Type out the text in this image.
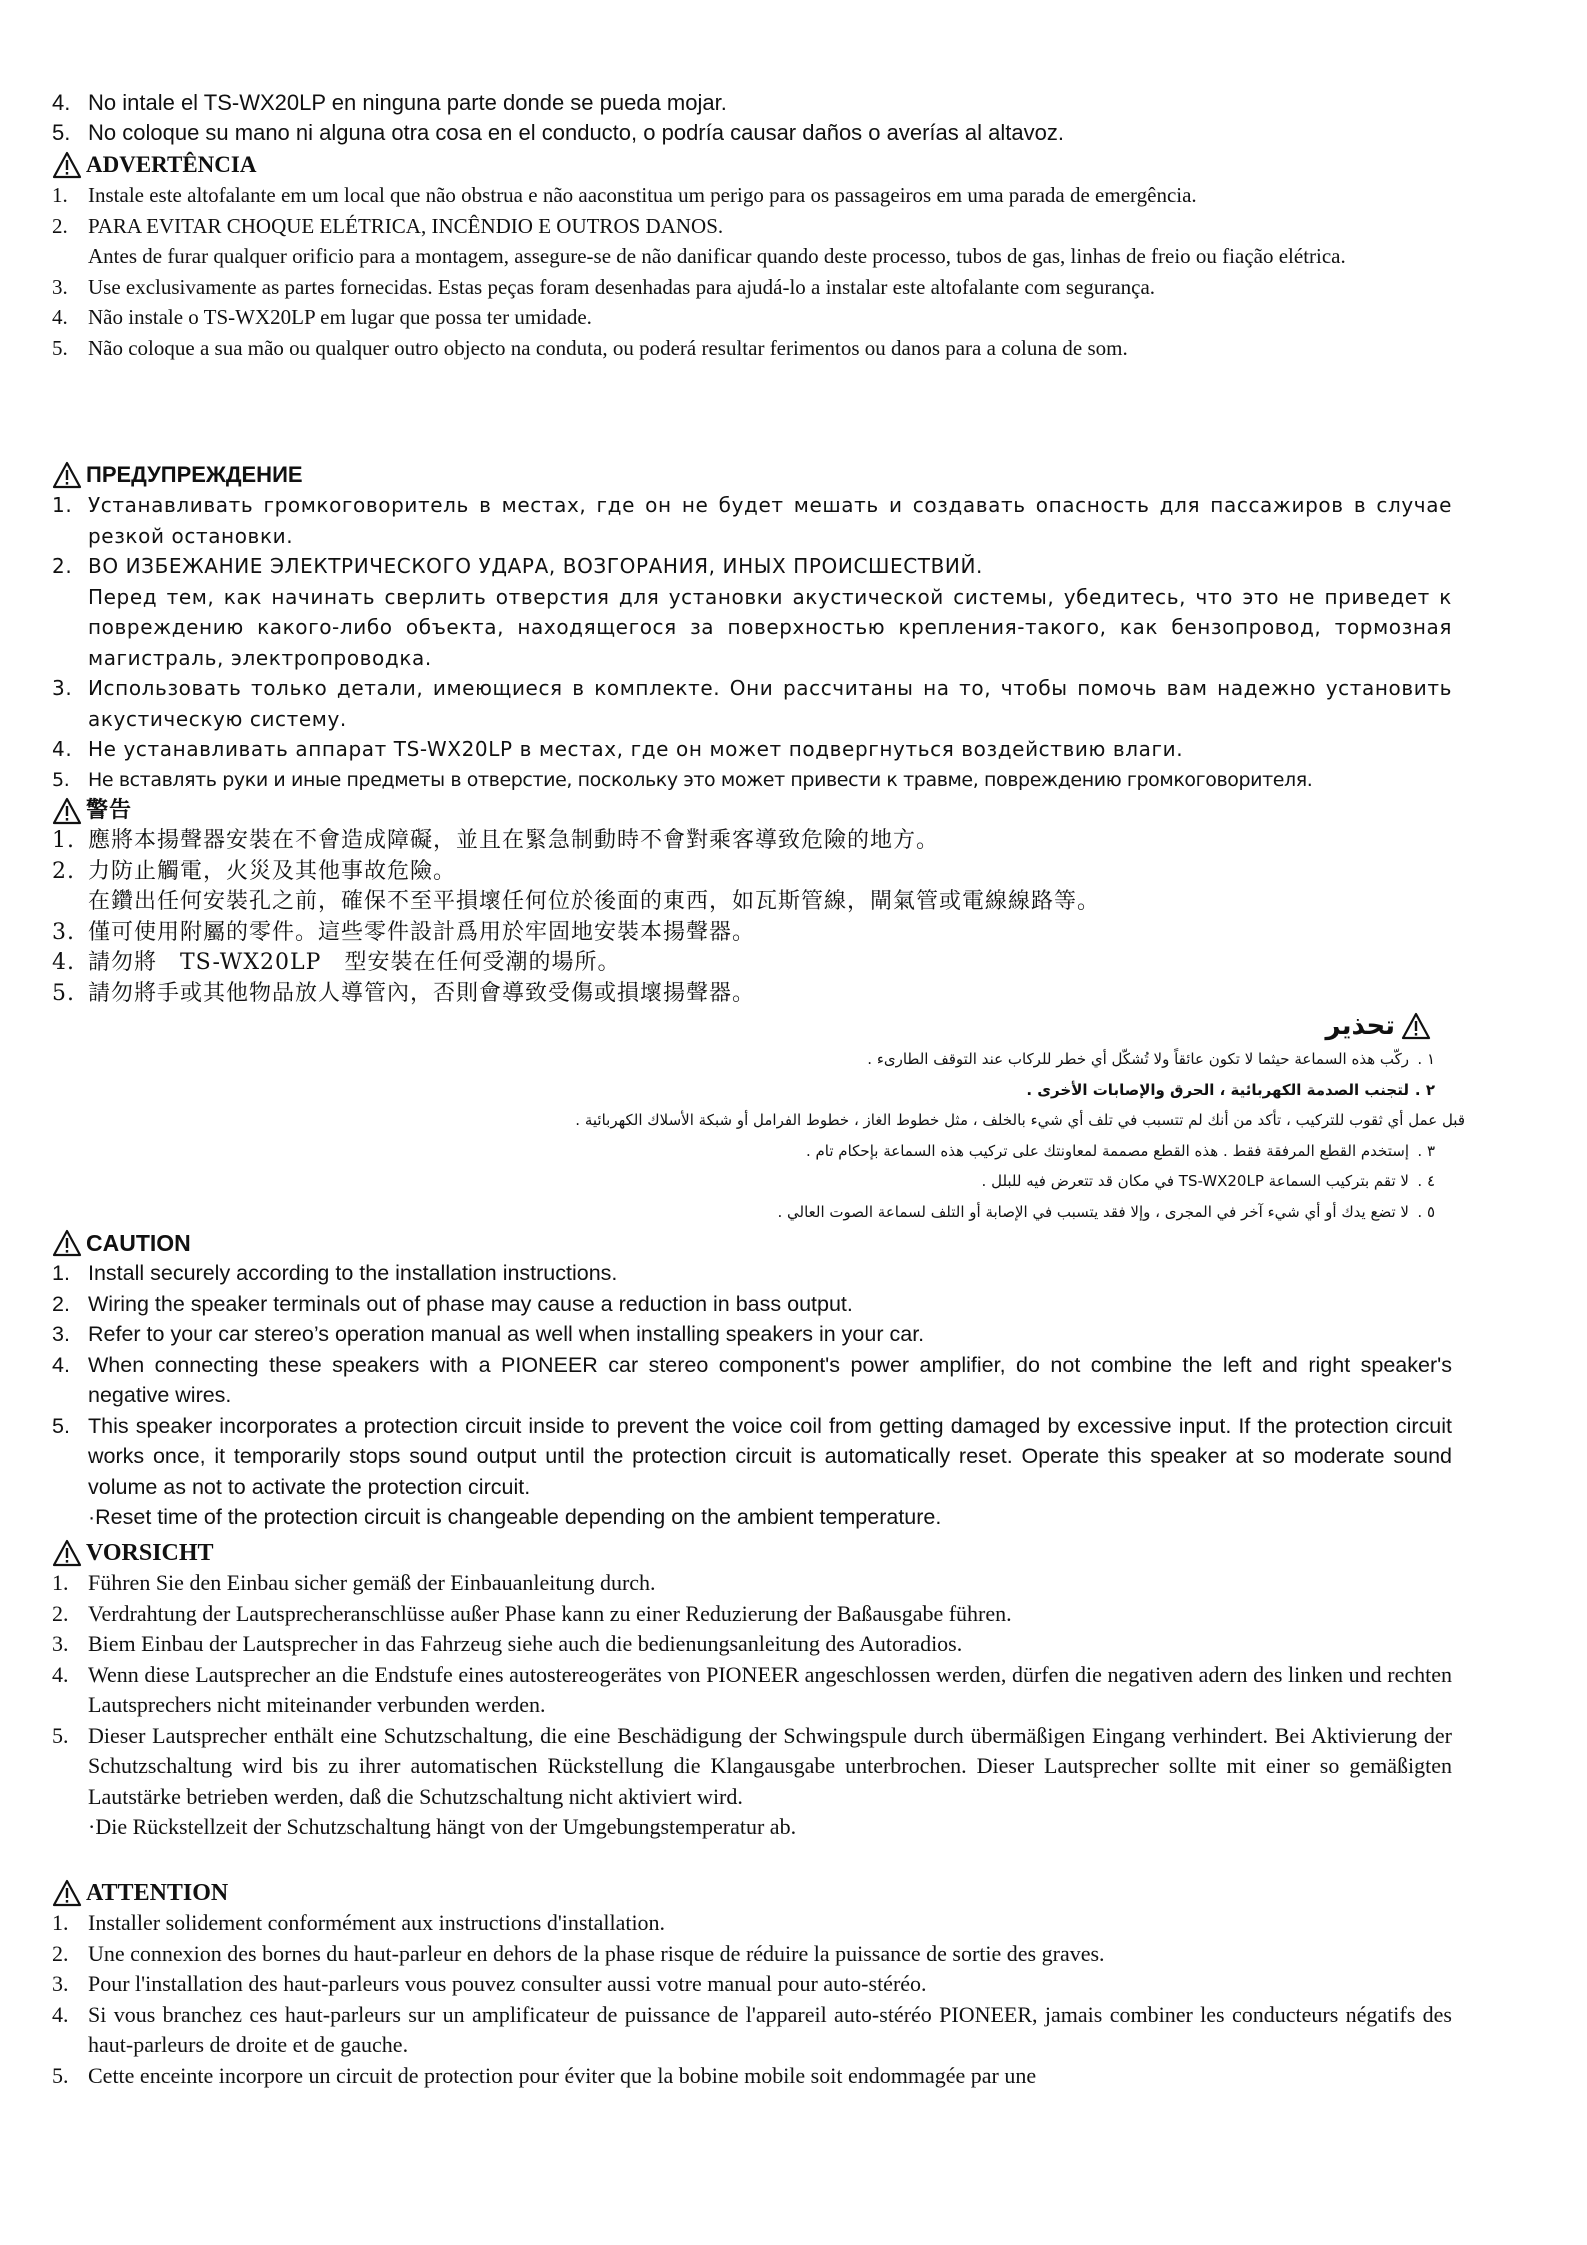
4. No intale el TS-WX20LP en ninguna parte donde se pueda mojar.
5. No coloque su mano ni alguna otra cosa en el conducto, o podría causar daños o averías al altavoz.
ADVERTÊNCIA
1. Instale este altofalante em um local que não obstrua e não aaconstitua um perigo para os passageiros em uma parada de emergência.
2. PARA EVITAR CHOQUE ELÉTRICA, INCÊNDIO E OUTROS DANOS.
Antes de furar qualquer orificio para a montagem, assegure-se de não danificar quando deste processo, tubos de gas, linhas de freio ou fiação elétrica.
3. Use exclusivamente as partes fornecidas. Estas peças foram desenhadas para ajudá-lo a instalar este altofalante com segurança.
4. Não instale o TS-WX20LP em lugar que possa ter umidade.
5. Não coloque a sua mão ou qualquer outro objecto na conduta, ou poderá resultar ferimentos ou danos para a coluna de som.
ПРЕДУПРЕЖДЕНИЕ
1. Устанавливать громкоговоритель в местах, где он не будет мешать и создавать опасность для пассажиров в случае резкой остановки.
2. ВО ИЗБЕЖАНИЕ ЭЛЕКТРИЧЕСКОГО УДАРА, ВОЗГОРАНИЯ, ИНЫХ ПРОИСШЕСТВИЙ.
Перед тем, как начинать сверлить отверстия для установки акустической системы, убедитесь, что это не приведет к повреждению какого-либо объекта, находящегося за поверхностью крепления-такого, как бензопровод, тормозная магистраль, электропроводка.
3. Использовать только детали, имеющиеся в комплекте. Они рассчитаны на то, чтобы помочь вам надежно установить акустическую систему.
4. Не устанавливать аппарат TS-WX20LP в местах, где он может подвергнуться воздействию влаги.
5. Не вставлять руки и иные предметы в отверстие, поскольку это может привести к травме, повреждению громкоговорителя.
警告
1. 應將本揚聲器安裝在不會造成障礙，並且在緊急制動時不會對乘客導致危險的地方。
2. 力防止觸電，火災及其他事故危險。
在鑽出任何安裝孔之前，確保不至平損壞任何位於後面的東西，如瓦斯管線，閘氣管或電線線路等。
3. 僅可使用附屬的零件。這些零件設計爲用於牢固地安裝本揚聲器。
4. 請勿將　TS-WX20LP　型安裝在任何受潮的場所。
5. 請勿將手或其他物品放人導管內，否則會導致受傷或損壞揚聲器。
تحذير
١ .
ركّب هذه السماعة حيثما لا تكون عائقاً ولا تُشكّل أي خطر للركاب عند التوقف الطارىء .
٢ .
لتجنب الصدمة الكهربائية ، الحرق والإصابات الأخرى .
قبل عمل أي ثقوب للتركيب ، تأكد من أنك لم تتسبب في تلف أي شيء بالخلف ، مثل خطوط الغاز ، خطوط الفرامل أو شبكة الأسلاك الكهربائية .
٣ .
إستخدم القطع المرفقة فقط . هذه القطع مصممة لمعاونتك على تركيب هذه السماعة بإحكام تام .
٤ .
لا تقم بتركيب السماعة TS-WX20LP في مكان قد تتعرض فيه للبلل .
٥ .
لا تضع يدك أو أي شيء آخر في المجرى ، وإلا فقد يتسبب في الإصابة أو التلف لسماعة الصوت العالي .
CAUTION
1. Install securely according to the installation instructions.
2. Wiring the speaker terminals out of phase may cause a reduction in bass output.
3. Refer to your car stereo’s operation manual as well when installing speakers in your car.
4. When connecting these speakers with a PIONEER car stereo component's power amplifier, do not combine the left and right speaker's negative wires.
5. This speaker incorporates a protection circuit inside to prevent the voice coil from getting damaged by excessive input. If the protection circuit works once, it temporarily stops sound output until the protection circuit is automatically reset. Operate this speaker at so moderate sound volume as not to activate the protection circuit.
·Reset time of the protection circuit is changeable depending on the ambient temperature.
VORSICHT
1. Führen Sie den Einbau sicher gemäß der Einbauanleitung durch.
2. Verdrahtung der Lautsprecheranschlüsse außer Phase kann zu einer Reduzierung der Baßausgabe führen.
3. Biem Einbau der Lautsprecher in das Fahrzeug siehe auch die bedienungsanleitung des Autoradios.
4. Wenn diese Lautsprecher an die Endstufe eines autostereogerätes von PIONEER angeschlossen werden, dürfen die negativen adern des linken und rechten Lautsprechers nicht miteinander verbunden werden.
5. Dieser Lautsprecher enthält eine Schutzschaltung, die eine Beschädigung der Schwingspule durch übermäßigen Eingang verhindert. Bei Aktivierung der Schutzschaltung wird bis zu ihrer automatischen Rückstellung die Klangausgabe unterbrochen. Dieser Lautsprecher sollte mit einer so gemäßigten Lautstärke betrieben werden, daß die Schutzschaltung nicht aktiviert wird.
·Die Rückstellzeit der Schutzschaltung hängt von der Umgebungstemperatur ab.
ATTENTION
1. Installer solidement conformément aux instructions d'installation.
2. Une connexion des bornes du haut-parleur en dehors de la phase risque de réduire la puissance de sortie des graves.
3. Pour l'installation des haut-parleurs vous pouvez consulter aussi votre manual pour auto-stéréo.
4. Si vous branchez ces haut-parleurs sur un amplificateur de puissance de l'appareil auto-stéréo PIONEER, jamais combiner les conducteurs négatifs des haut-parleurs de droite et de gauche.
5. Cette enceinte incorpore un circuit de protection pour éviter que la bobine mobile soit endommagée par une
